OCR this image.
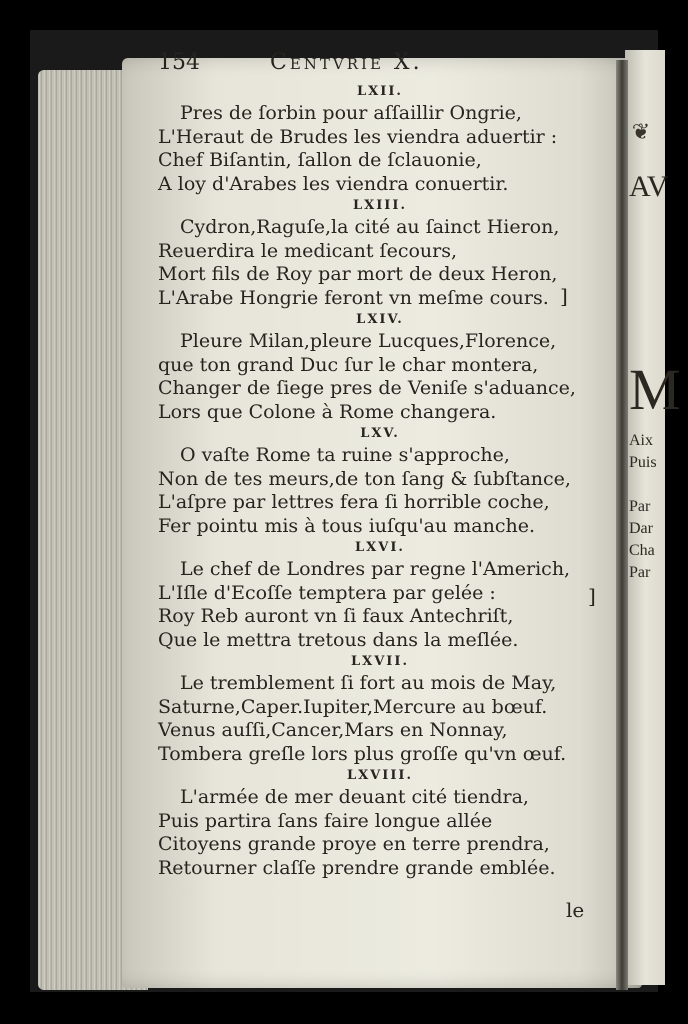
❦
AV
M
Aix
Puis
Par
Dar
Cha
Par
154	Centvrie X.
LXII.
Pres de ſorbin pour aſſaillir Ongrie,
L'Heraut de Brudes les viendra aduertir :
Chef Biſantin, ſallon de ſclauonie,
A loy d'Arabes les viendra conuertir.
LXIII.
Cydron,Raguſe,la cité au ſainct Hieron,
Reuerdira le medicant ſecours,
Mort fils de Roy par mort de deux Heron,
L'Arabe Hongrie feront vn meſme cours.
LXIV.
Pleure Milan,pleure Lucques,Florence,
que ton grand Duc ſur le char montera,
Changer de ſiege pres de Veniſe s'aduance,
Lors que Colone à Rome changera.
LXV.
O vaſte Rome ta ruine s'approche,
Non de tes meurs,de ton ſang & ſubſtance,
L'aſpre par lettres fera ſi horrible coche,
Fer pointu mis à tous iuſqu'au manche.
LXVI.
Le chef de Londres par regne l'Americh,
L'Iſle d'Ecoſſe temptera par gelée :
Roy Reb auront vn ſi faux Antechriſt,
Que le mettra tretous dans la meſlée.
LXVII.
Le tremblement ſi fort au mois de May,
Saturne,Caper.Iupiter,Mercure au bœuf.
Venus auſſi,Cancer,Mars en Nonnay,
Tombera greſle lors plus groſſe qu'vn œuf.
LXVIII.
L'armée de mer deuant cité tiendra,
Puis partira ſans faire longue allée
Citoyens grande proye en terre prendra,
Retourner claſſe prendre grande emblée.
]
]
le
